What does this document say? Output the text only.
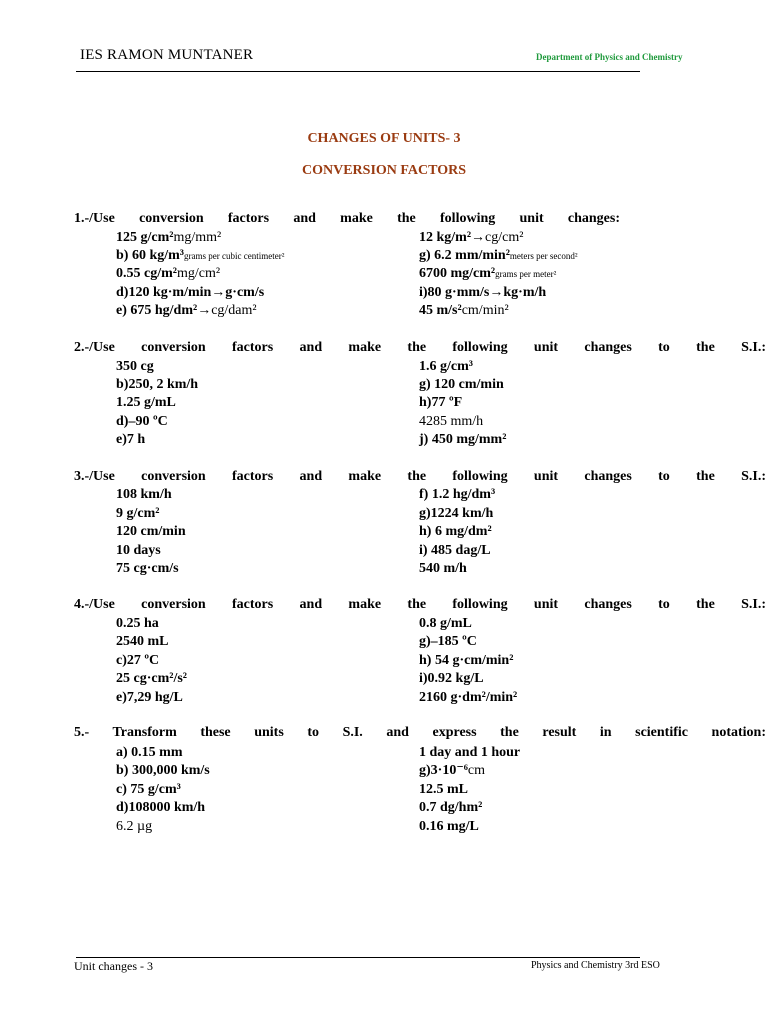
IES RAMON MUNTANER	Department of Physics and Chemistry
CHANGES OF UNITS- 3
CONVERSION FACTORS
1.-/Use conversion factors and make the following unit changes:
125 g/cm²mg/mm²
b) 60 kg/m³grams per cubic centimeter²
0.55 cg/m²mg/cm²
d)120 kg·m/min→g·cm/s
e) 675 hg/dm²→cg/dam²
12 kg/m²→cg/cm²
g) 6.2 mm/min²meters per second²
6700 mg/cm²grams per meter²
i)80 g·mm/s→kg·m/h
45 m/s²cm/min²
2.-/Use conversion factors and make the following unit changes to the S.I.:
350 cg
b)250, 2 km/h
1.25 g/mL
d)–90 ºC
e)7 h
1.6 g/cm³
g) 120 cm/min
h)77 ºF
4285 mm/h
j) 450 mg/mm²
3.-/Use conversion factors and make the following unit changes to the S.I.:
108 km/h
9 g/cm²
120 cm/min
10 days
75 cg·cm/s
f) 1.2 hg/dm³
g)1224 km/h
h) 6 mg/dm²
i) 485 dag/L
540 m/h
4.-/Use conversion factors and make the following unit changes to the S.I.:
0.25 ha
2540 mL
c)27 ºC
25 cg·cm²/s²
e)7,29 hg/L
0.8 g/mL
g)–185 ºC
h) 54 g·cm/min²
i)0.92 kg/L
2160 g·dm²/min²
5.- Transform these units to S.I. and express the result in scientific notation:
a) 0.15 mm
b) 300,000 km/s
c) 75 g/cm³
d)108000 km/h
6.2 µg
1 day and 1 hour
g)3·10⁻⁶cm
12.5 mL
0.7 dg/hm²
0.16 mg/L
Unit changes - 3	Physics and Chemistry 3rd ESO
